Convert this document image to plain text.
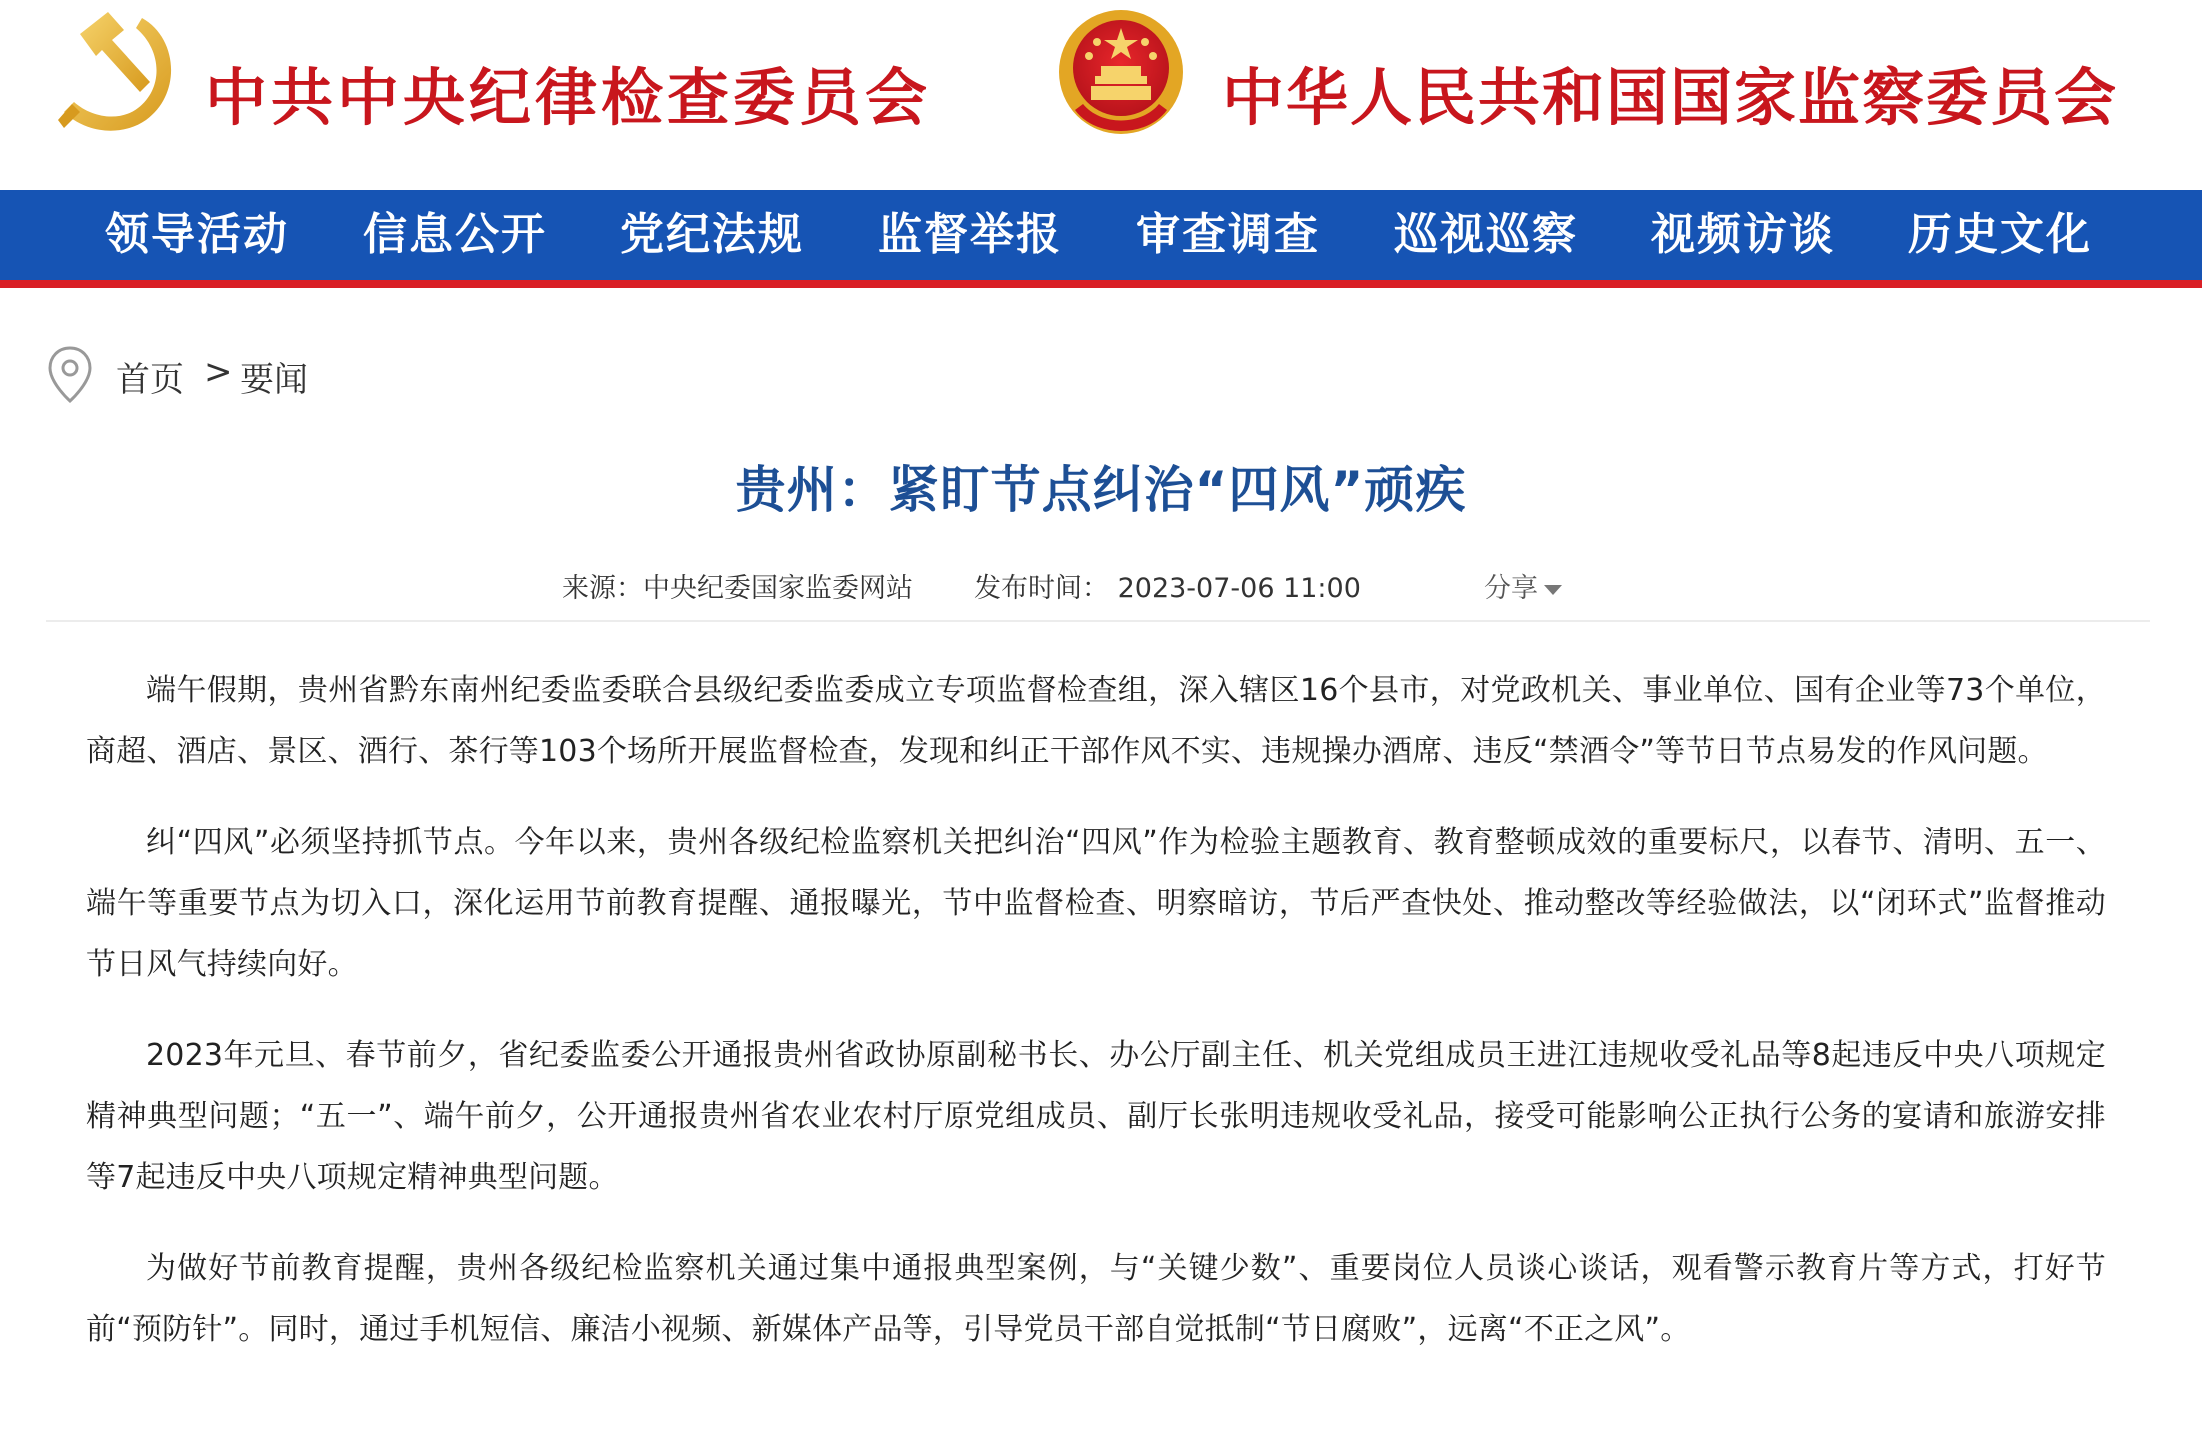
中共中央纪律检查委员会	中华人民共和国国家监察委员会
领导活动	信息公开	党纪法规	监督举报	审查调查	巡视巡察	视频访谈	历史文化
首页 > 要闻
贵州：紧盯节点纠治“四风”顽疾
来源：中央纪委国家监委网站 发布时间： 2023-07-06 11:00	分享

端午假期，贵州省黔东南州纪委监委联合县级纪委监委成立专项监督检查组，深入辖区16个县市，对党政机关、事业单位、国有企业等73个单位，商超、酒店、景区、酒行、茶行等103个场所开展监督检查，发现和纠正干部作风不实、违规操办酒席、违反“禁酒令”等节日节点易发的作风问题。

纠“四风”必须坚持抓节点。今年以来，贵州各级纪检监察机关把纠治“四风”作为检验主题教育、教育整顿成效的重要标尺，以春节、清明、五一、端午等重要节点为切入口，深化运用节前教育提醒、通报曝光，节中监督检查、明察暗访，节后严查快处、推动整改等经验做法，以“闭环式”监督推动节日风气持续向好。

2023年元旦、春节前夕，省纪委监委公开通报贵州省政协原副秘书长、办公厅副主任、机关党组成员王进江违规收受礼品等8起违反中央八项规定精神典型问题；“五一”、端午前夕，公开通报贵州省农业农村厅原党组成员、副厅长张明违规收受礼品，接受可能影响公正执行公务的宴请和旅游安排等7起违反中央八项规定精神典型问题。

为做好节前教育提醒，贵州各级纪检监察机关通过集中通报典型案例，与“关键少数”、重要岗位人员谈心谈话，观看警示教育片等方式，打好节前“预防针”。同时，通过手机短信、廉洁小视频、新媒体产品等，引导党员干部自觉抵制“节日腐败”，远离“不正之风”。
